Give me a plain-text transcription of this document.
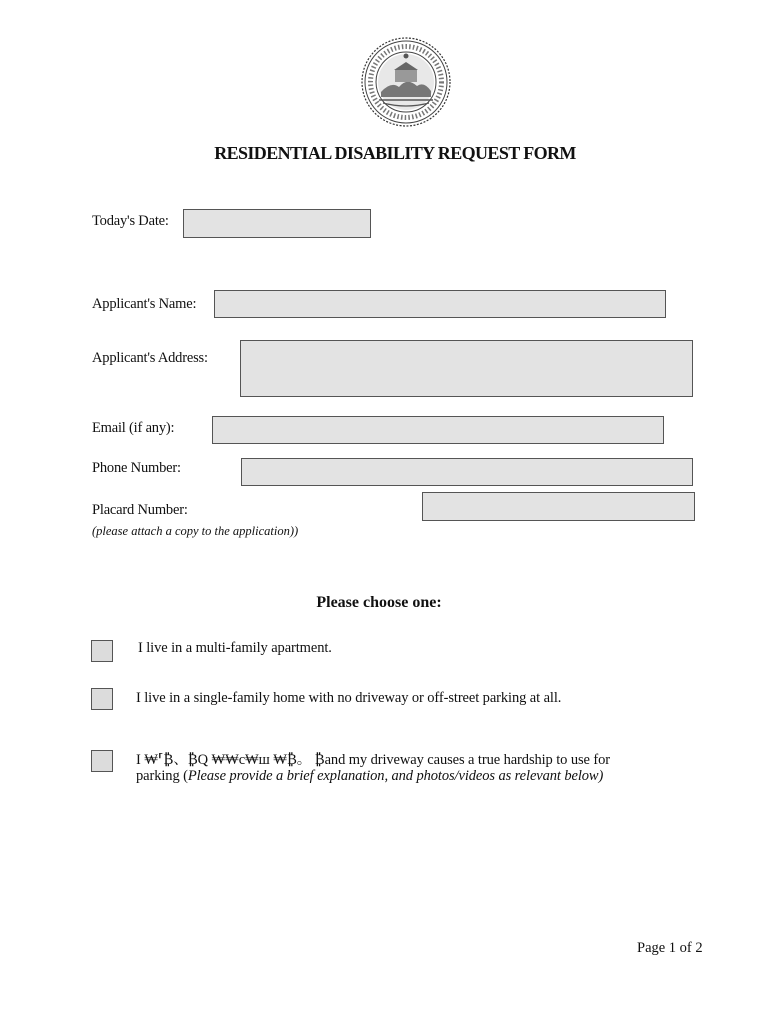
RESIDENTIAL DISABILITY REQUEST FORM
Today's Date:
Applicant's Name:
Applicant's Address:
Email (if any):
Phone Number:
Placard Number:
(please attach a copy to the application))
Please choose one:
I live in a multi-family apartment.
I live in a single-family home with no driveway or off-street parking at all.
I ₩⸢₿、₿Q ₩₩с₩ш ₩₿。 ₿and my driveway causes a true hardship to use for
parking (Please provide a brief explanation, and photos/videos as relevant below)
Page 1 of 2
